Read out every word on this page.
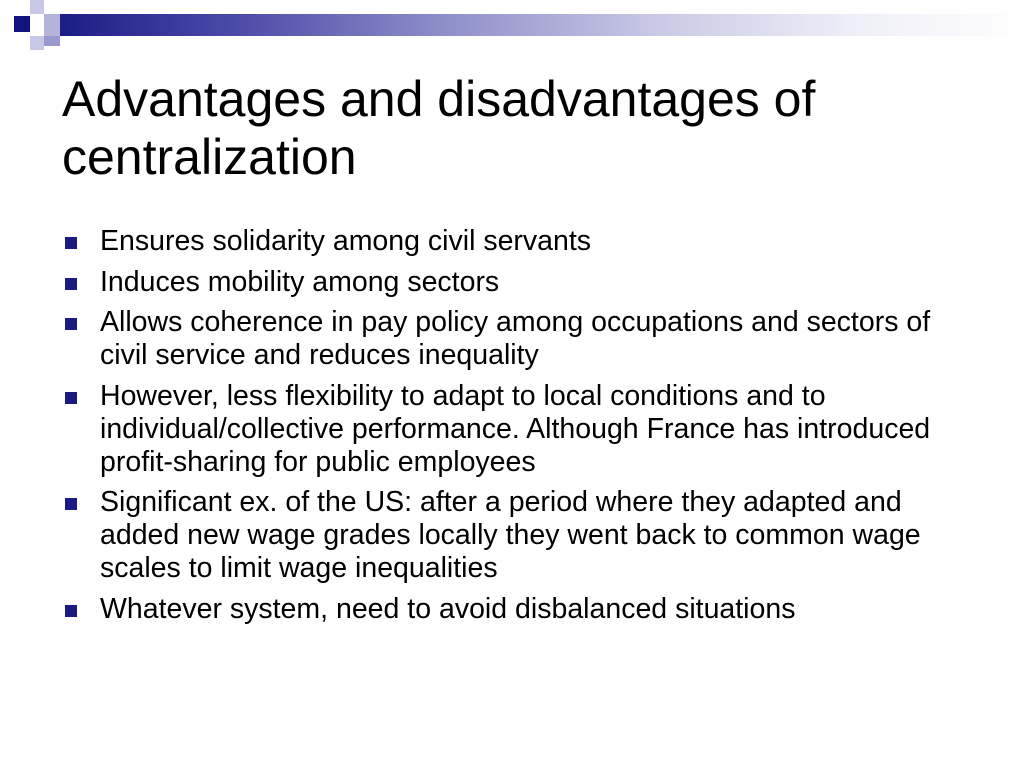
Advantages and disadvantages of centralization
Ensures solidarity among civil servants
Induces mobility among sectors
Allows coherence in pay policy among occupations and sectors of civil service and reduces inequality
However, less flexibility to adapt to local conditions and to individual/collective performance. Although France has introduced profit-sharing for public employees
Significant ex. of the US: after a period where they adapted and added new wage grades locally they went back to common wage scales to limit wage inequalities
Whatever system, need to avoid disbalanced situations
